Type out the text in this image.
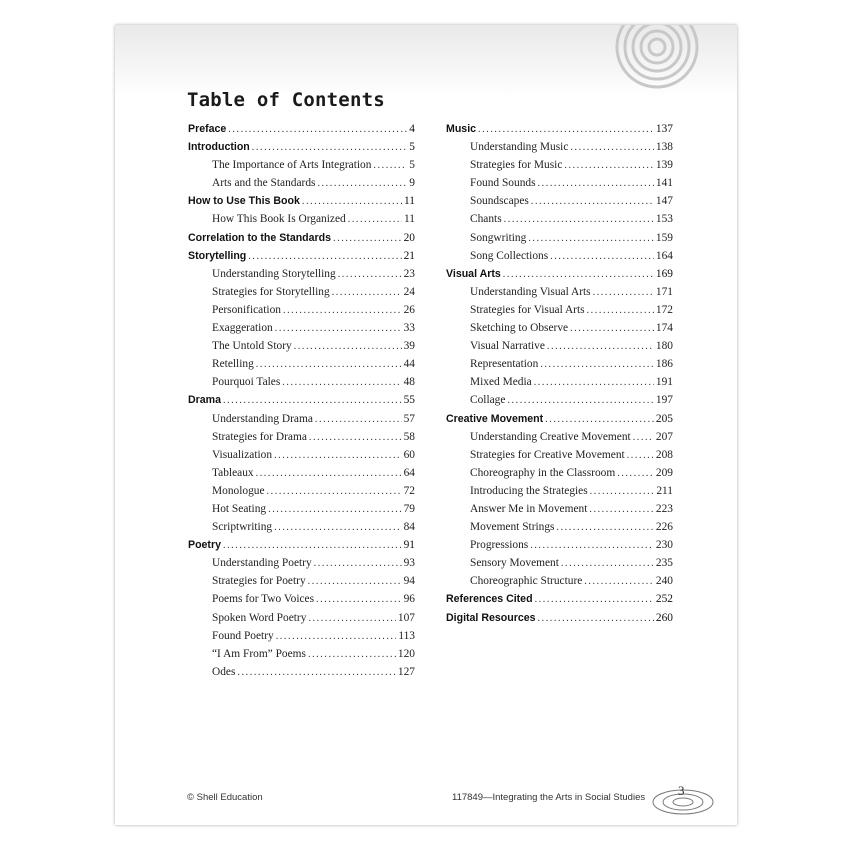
Table of Contents
Preface .....	4
Introduction .....	5
The Importance of Arts Integration .....	5
Arts and the Standards .....	9
How to Use This Book .....	11
How This Book Is Organized .....	11
Correlation to the Standards .....	20
Storytelling .....	21
Understanding Storytelling .....	23
Strategies for Storytelling .....	24
Personification .....	26
Exaggeration .....	33
The Untold Story .....	39
Retelling .....	44
Pourquoi Tales .....	48
Drama .....	55
Understanding Drama .....	57
Strategies for Drama .....	58
Visualization .....	60
Tableaux .....	64
Monologue .....	72
Hot Seating .....	79
Scriptwriting .....	84
Poetry .....	91
Understanding Poetry .....	93
Strategies for Poetry .....	94
Poems for Two Voices .....	96
Spoken Word Poetry .....	107
Found Poetry .....	113
“I Am From” Poems .....	120
Odes .....	127
Music .....	137
Understanding Music .....	138
Strategies for Music .....	139
Found Sounds .....	141
Soundscapes .....	147
Chants .....	153
Songwriting .....	159
Song Collections .....	164
Visual Arts .....	169
Understanding Visual Arts .....	171
Strategies for Visual Arts .....	172
Sketching to Observe .....	174
Visual Narrative .....	180
Representation .....	186
Mixed Media .....	191
Collage .....	197
Creative Movement .....	205
Understanding Creative Movement ..... 207
Strategies for Creative Movement .....	208
Choreography in the Classroom .....	209
Introducing the Strategies .....	211
Answer Me in Movement .....	223
Movement Strings .....	226
Progressions .....	230
Sensory Movement .....	235
Choreographic Structure .....	240
References Cited .....	252
Digital Resources .....	260
© Shell Education	117849—Integrating the Arts in Social Studies	3
